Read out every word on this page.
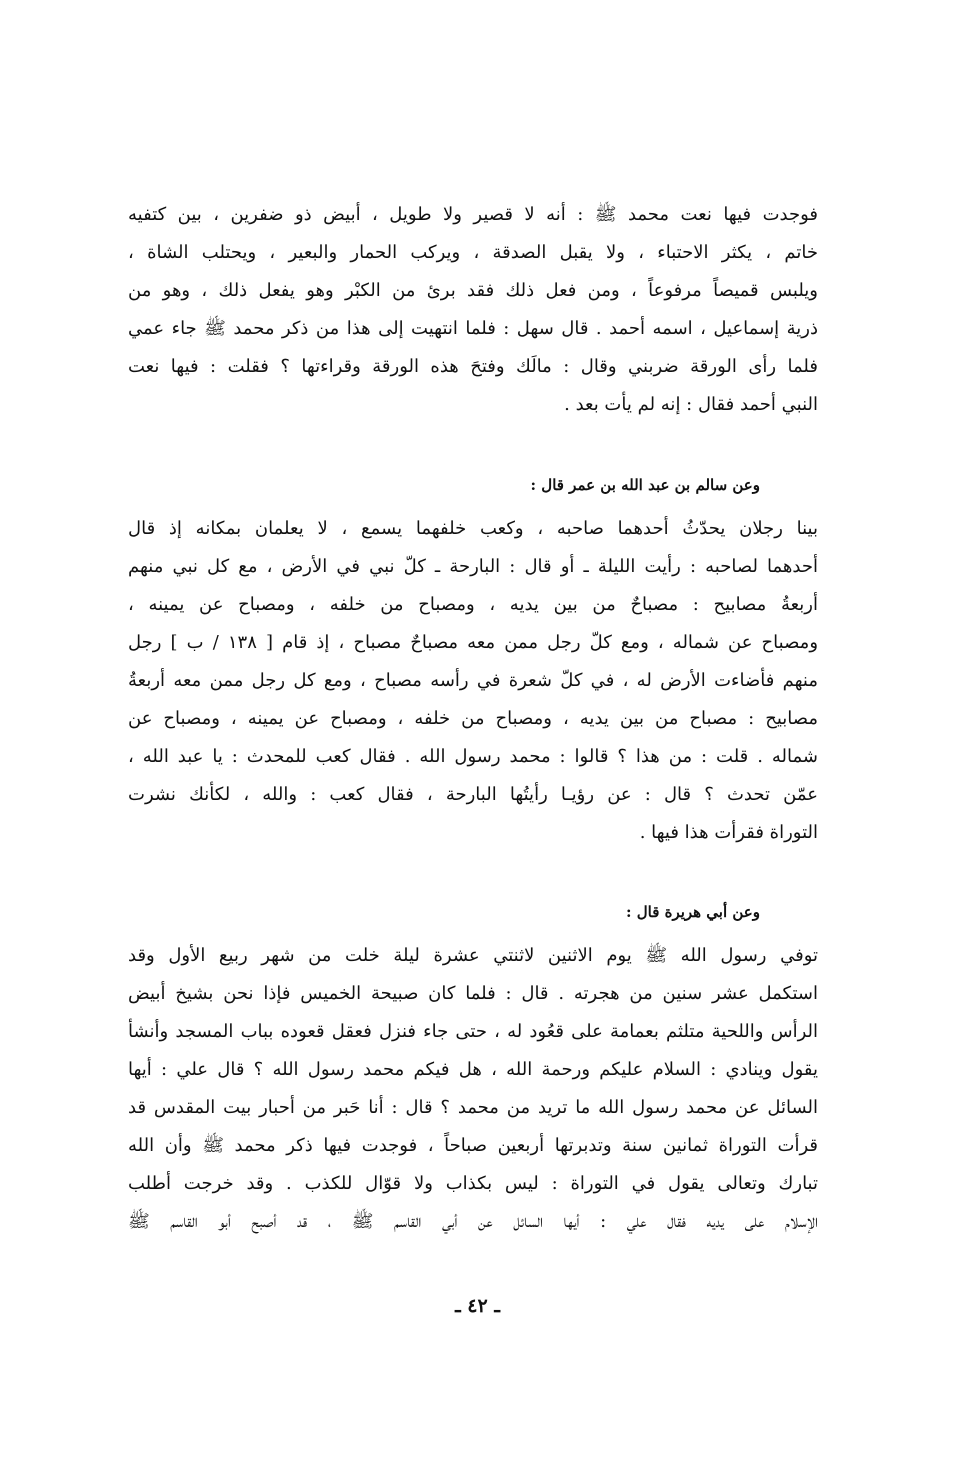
فوجدت فيها نعت محمد ﷺ : أنه لا قصير ولا طويل ، أبيض ذو ضفرين ، بين كتفيه
خاتم ، يكثر الاحتباء ، ولا يقبل الصدقة ، ويركب الحمار والبعير ، ويحتلب الشاة ،
ويلبس قميصاً مرفوعاً ، ومن فعل ذلك فقد برئ من الكبْر وهو يفعل ذلك ، وهو من
ذرية إسماعيل ، اسمه أحمد . قال سهل : فلما انتهيت إلى هذا من ذكر محمد ﷺ جاء عمي
فلما رأى الورقة ضربني وقال : مالَك وفتحَ هذه الورقة وقراءتها ؟ فقلت : فيها نعت
النبي أحمد فقال : إنه لم يأت بعد .
وعن سالم بن عبد الله بن عمر قال :
بينا رجلان يحدّثُ أحدهما صاحبه ، وكعب خلفهما يسمع ، لا يعلمان بمكانه إذ قال
أحدهما لصاحبه : رأيت الليلة ـ أو قال : البارحة ـ كلّ نبي في الأرض ، مع كل نبي منهم
أربعةُ مصابيح : مصباحٌ من بين يديه ، ومصباح من خلفه ، ومصباح عن يمينه ،
ومصباح عن شماله ، ومع كلّ رجل ممن معه مصباحٌ مصباح ، إذ قام [ ١٣٨ / ب ] رجل
منهم فأضاءت الأرض له ، في كلّ شعرة في رأسه مصباح ، ومع كل رجل ممن معه أربعةُ
مصابيح : مصباح من بين يديه ، ومصباح من خلفه ، ومصباح عن يمينه ، ومصباح عن
شماله . قلت : من هذا ؟ قالوا : محمد رسول الله . فقال كعب للمحدث : يا عبد الله ،
عمّن تحدث ؟ قال : عن رؤيـا رأيتُها البارحة ، فقال كعب : والله ، لكأنك نشرت
التوراة فقرأت هذا فيها .
وعن أبي هريرة قال :
توفي رسول الله ﷺ يوم الاثنين لاثنتي عشرة ليلة خلت من شهر ربيع الأول وقد
استكمل عشر سنين من هجرته . قال : فلما كان صبيحة الخميس فإذا نحن بشيخ أبيض
الرأس واللحية متلثم بعمامة على قعُود له ، حتى جاء فنزل فعقل قعوده بباب المسجد وأنشأ
يقول وينادي : السلام عليكم ورحمة الله ، هل فيكم محمد رسول الله ؟ قال علي : أيها
السائل عن محمد رسول الله ما تريد من محمد ؟ قال : أنا حَبر من أحبار بيت المقدس قد
قرأت التوراة ثمانين سنة وتدبرتها أربعين صباحاً ، فوجدت فيها ذكر محمد ﷺ وأن الله
تبارك وتعالى يقول في التوراة : ليس بكذاب ولا قوّال للكذب . وقد خرجت أطلب
الإسلام على يديه فقال علي : أيها السائل عن أبي القاسم ﷺ ، قد أصبح أبو القاسم ﷺ
ـ ٤٢ ـ
